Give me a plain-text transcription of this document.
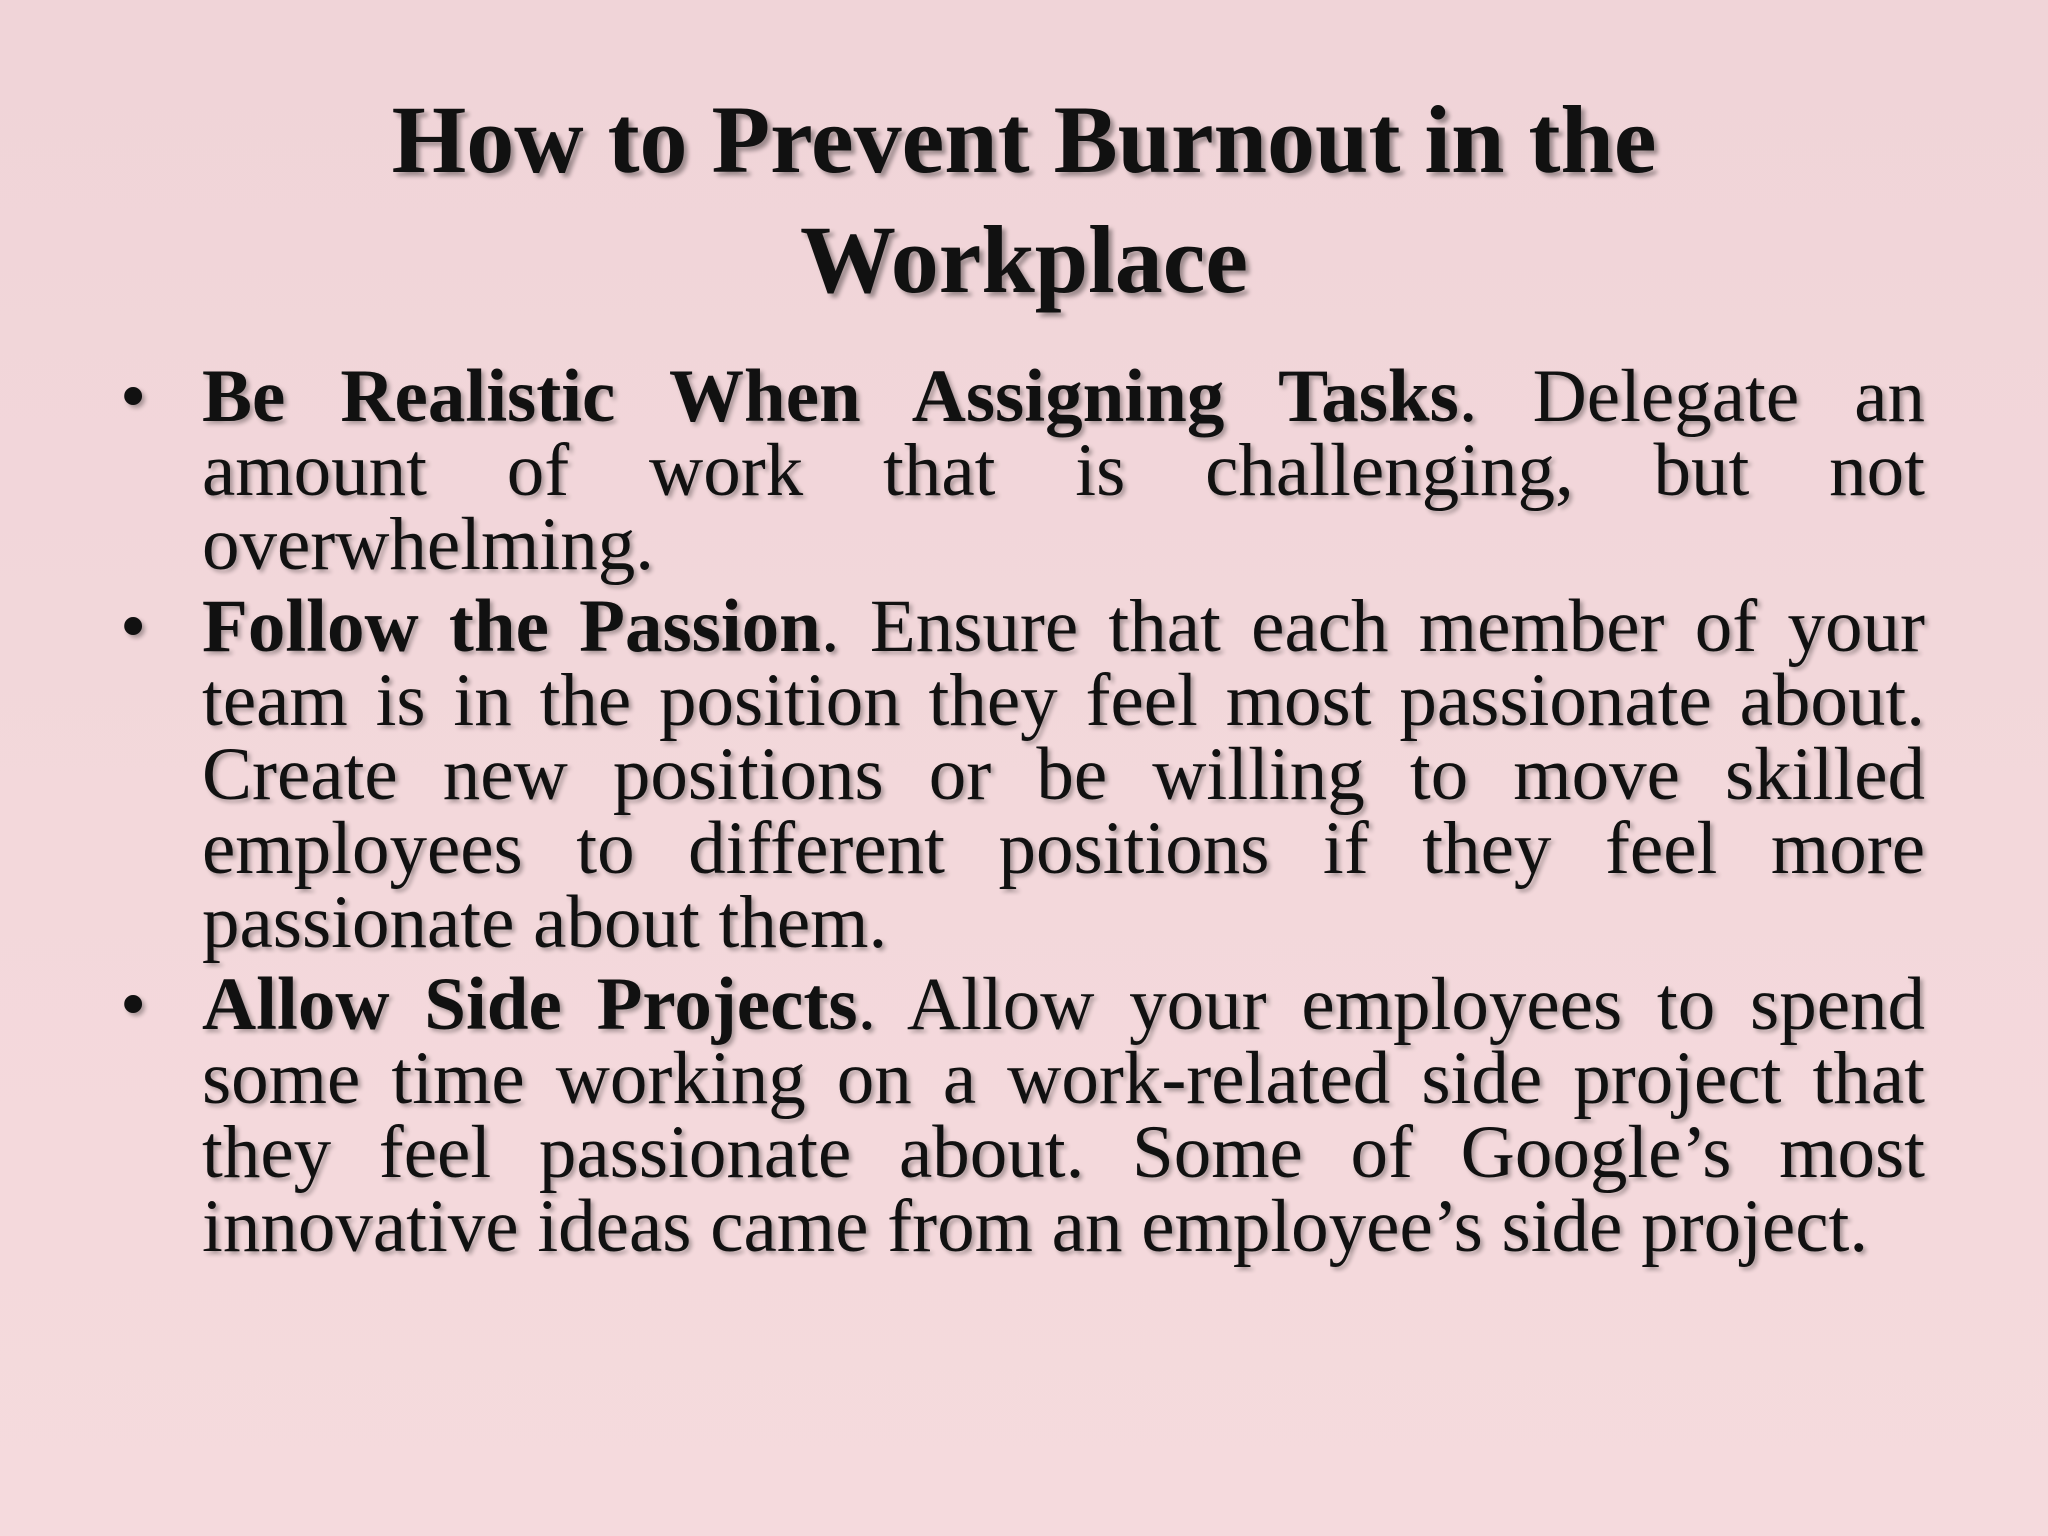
How to Prevent Burnout in the
Workplace
• Be Realistic When Assigning Tasks. Delegate an amount of work that is challenging, but not overwhelming.
• Follow the Passion. Ensure that each member of your team is in the position they feel most passionate about. Create new positions or be willing to move skilled employees to different positions if they feel more passionate about them.
• Allow Side Projects. Allow your employees to spend some time working on a work-related side project that they feel passionate about. Some of Google’s most innovative ideas came from an employee’s side project.
